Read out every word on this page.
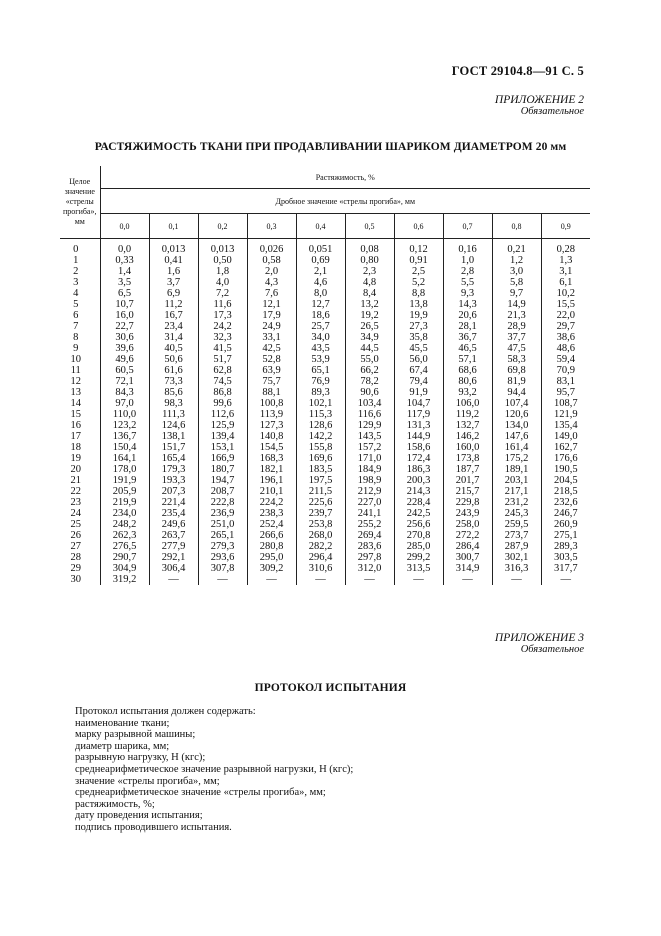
ГОСТ 29104.8—91 С. 5
ПРИЛОЖЕНИЕ 2
Обязательное
РАСТЯЖИМОСТЬ ТКАНИ ПРИ ПРОДАВЛИВАНИИ ШАРИКОМ ДИАМЕТРОМ 20 мм
Целое
значение
«стрелы
прогиба»,
мм	Растяжимость, %									
	Дробное значение «стрелы прогиба», мм									
	0,0	0,1	0,2	0,3	0,4	0,5	0,6	0,7	0,8	0,9
0	0,0	0,013	0,013	0,026	0,051	0,08	0,12	0,16	0,21	0,28
1	0,33	0,41	0,50	0,58	0,69	0,80	0,91	1,0	1,2	1,3
2	1,4	1,6	1,8	2,0	2,1	2,3	2,5	2,8	3,0	3,1
3	3,5	3,7	4,0	4,3	4,6	4,8	5,2	5,5	5,8	6,1
4	6,5	6,9	7,2	7,6	8,0	8,4	8,8	9,3	9,7	10,2
5	10,7	11,2	11,6	12,1	12,7	13,2	13,8	14,3	14,9	15,5
6	16,0	16,7	17,3	17,9	18,6	19,2	19,9	20,6	21,3	22,0
7	22,7	23,4	24,2	24,9	25,7	26,5	27,3	28,1	28,9	29,7
8	30,6	31,4	32,3	33,1	34,0	34,9	35,8	36,7	37,7	38,6
9	39,6	40,5	41,5	42,5	43,5	44,5	45,5	46,5	47,5	48,6
10	49,6	50,6	51,7	52,8	53,9	55,0	56,0	57,1	58,3	59,4
11	60,5	61,6	62,8	63,9	65,1	66,2	67,4	68,6	69,8	70,9
12	72,1	73,3	74,5	75,7	76,9	78,2	79,4	80,6	81,9	83,1
13	84,3	85,6	86,8	88,1	89,3	90,6	91,9	93,2	94,4	95,7
14	97,0	98,3	99,6	100,8	102,1	103,4	104,7	106,0	107,4	108,7
15	110,0	111,3	112,6	113,9	115,3	116,6	117,9	119,2	120,6	121,9
16	123,2	124,6	125,9	127,3	128,6	129,9	131,3	132,7	134,0	135,4
17	136,7	138,1	139,4	140,8	142,2	143,5	144,9	146,2	147,6	149,0
18	150,4	151,7	153,1	154,5	155,8	157,2	158,6	160,0	161,4	162,7
19	164,1	165,4	166,9	168,3	169,6	171,0	172,4	173,8	175,2	176,6
20	178,0	179,3	180,7	182,1	183,5	184,9	186,3	187,7	189,1	190,5
21	191,9	193,3	194,7	196,1	197,5	198,9	200,3	201,7	203,1	204,5
22	205,9	207,3	208,7	210,1	211,5	212,9	214,3	215,7	217,1	218,5
23	219,9	221,4	222,8	224,2	225,6	227,0	228,4	229,8	231,2	232,6
24	234,0	235,4	236,9	238,3	239,7	241,1	242,5	243,9	245,3	246,7
25	248,2	249,6	251,0	252,4	253,8	255,2	256,6	258,0	259,5	260,9
26	262,3	263,7	265,1	266,6	268,0	269,4	270,8	272,2	273,7	275,1
27	276,5	277,9	279,3	280,8	282,2	283,6	285,0	286,4	287,9	289,3
28	290,7	292,1	293,6	295,0	296,4	297,8	299,2	300,7	302,1	303,5
29	304,9	306,4	307,8	309,2	310,6	312,0	313,5	314,9	316,3	317,7
30	319,2	—	—	—	—	—	—	—	—	—
ПРИЛОЖЕНИЕ 3
Обязательное
ПРОТОКОЛ ИСПЫТАНИЯ
Протокол испытания должен содержать:
наименование ткани;
марку разрывной машины;
диаметр шарика, мм;
разрывную нагрузку, Н (кгс);
среднеарифметическое значение разрывной нагрузки, Н (кгс);
значение «стрелы прогиба», мм;
среднеарифметическое значение «стрелы прогиба», мм;
растяжимость, %;
дату проведения испытания;
подпись проводившего испытания.
